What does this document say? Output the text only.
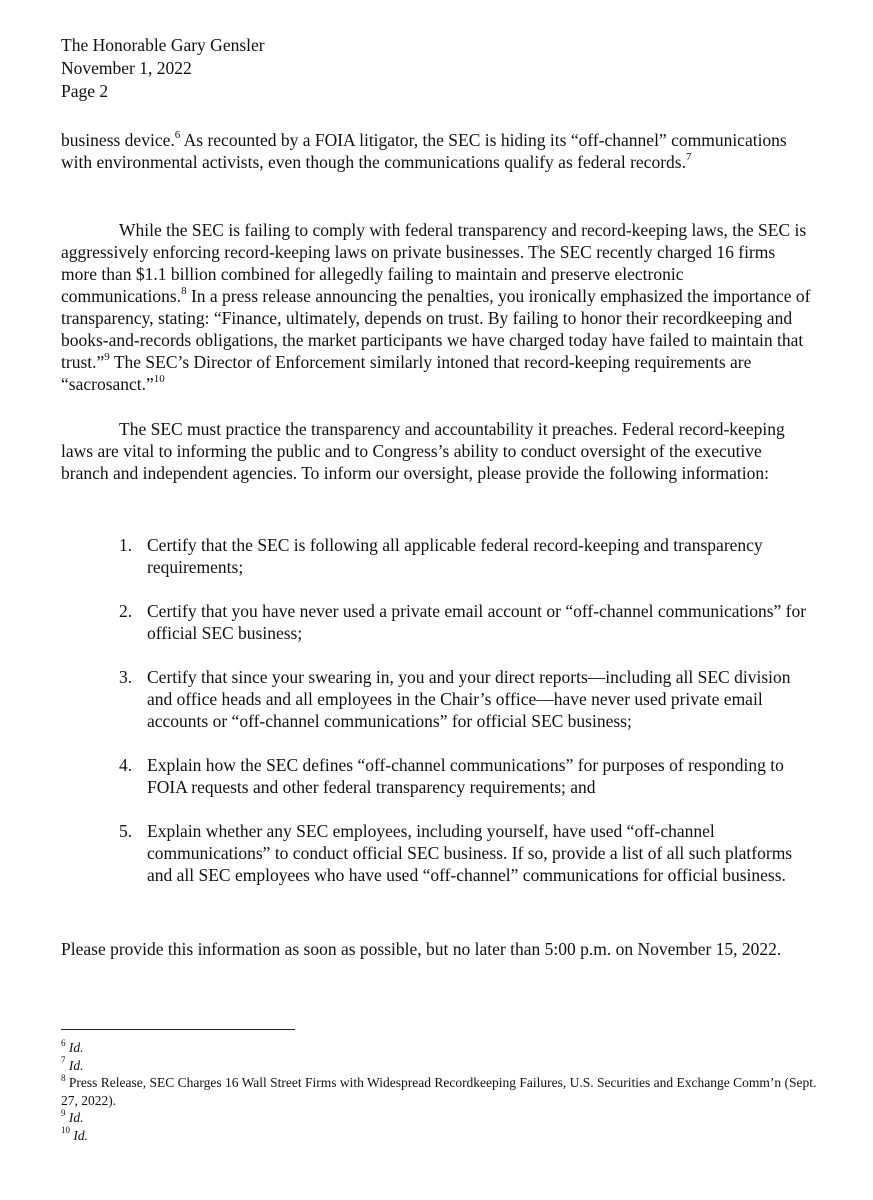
The Honorable Gary Gensler
November 1, 2022
Page 2

business device.$^6$ As recounted by a FOIA litigator, the SEC is hiding its “off-channel” communications with environmental activists, even though the communications qualify as federal records.$^7$

While the SEC is failing to comply with federal transparency and record-keeping laws, the SEC is aggressively enforcing record-keeping laws on private businesses. The SEC recently charged 16 firms more than $1.1 billion combined for allegedly failing to maintain and preserve electronic communications.$^8$ In a press release announcing the penalties, you ironically emphasized the importance of transparency, stating: “Finance, ultimately, depends on trust. By failing to honor their recordkeeping and books-and-records obligations, the market participants we have charged today have failed to maintain that trust.”$^9$ The SEC’s Director of Enforcement similarly intoned that record-keeping requirements are “sacrosanct.”$^{10}$

The SEC must practice the transparency and accountability it preaches. Federal record-keeping laws are vital to informing the public and to Congress’s ability to conduct oversight of the executive branch and independent agencies. To inform our oversight, please provide the following information:

1. Certify that the SEC is following all applicable federal record-keeping and transparency requirements;
2. Certify that you have never used a private email account or “off-channel communications” for official SEC business;
3. Certify that since your swearing in, you and your direct reports—including all SEC division and office heads and all employees in the Chair’s office—have never used private email accounts or “off-channel communications” for official SEC business;
4. Explain how the SEC defines “off-channel communications” for purposes of responding to FOIA requests and other federal transparency requirements; and
5. Explain whether any SEC employees, including yourself, have used “off-channel communications” to conduct official SEC business. If so, provide a list of all such platforms and all SEC employees who have used “off-channel” communications for official business.

Please provide this information as soon as possible, but no later than 5:00 p.m. on November 15, 2022.

$^6$ Id.
$^7$ Id.
$^8$ Press Release, SEC Charges 16 Wall Street Firms with Widespread Recordkeeping Failures, U.S. Securities and Exchange Comm’n (Sept. 27, 2022).
$^9$ Id.
$^{10}$ Id.
